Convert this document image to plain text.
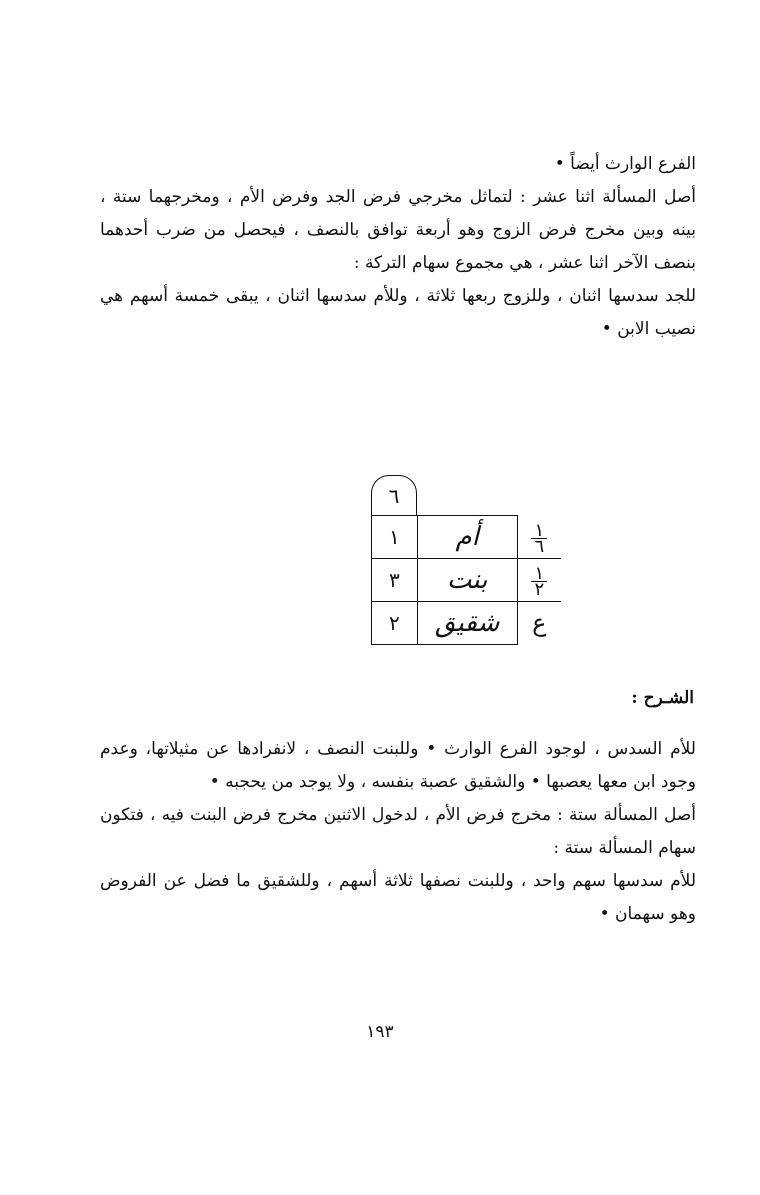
الفرع الوارث أيضاً •

أصل المسألة اثنا عشر : لتماثل مخرجي فرض الجد وفرض الأم ، ومخرجهما ستة ، بينه وبين مخرج فرض الزوج وهو أربعة توافق بالنصف ، فيحصل من ضرب أحدهما بنصف الآخر اثنا عشر ، هي مجموع سهام التركة :

للجد سدسها اثنان ، وللزوج ربعها ثلاثة ، وللأم سدسها اثنان ، يبقى خمسة أسهم هي نصيب الابن •

٦
١	أم	$\frac{١}{٦}$

٣	بنت	$\frac{١}{٢}$

٢	شقيق	ع
الشـرح :

للأم السدس ، لوجود الفرع الوارث • وللبنت النصف ، لانفرادها عن مثيلاتها، وعدم وجود ابن معها يعصبها • والشقيق عصبة بنفسه ، ولا يوجد من يحجبه •

أصل المسألة ستة : مخرج فرض الأم ، لدخول الاثنين مخرج فرض البنت فيه ، فتكون سهام المسألة ستة :

للأم سدسها سهم واحد ، وللبنت نصفها ثلاثة أسهم ، وللشقيق ما فضل عن الفروض وهو سهمان •

١٩٣
